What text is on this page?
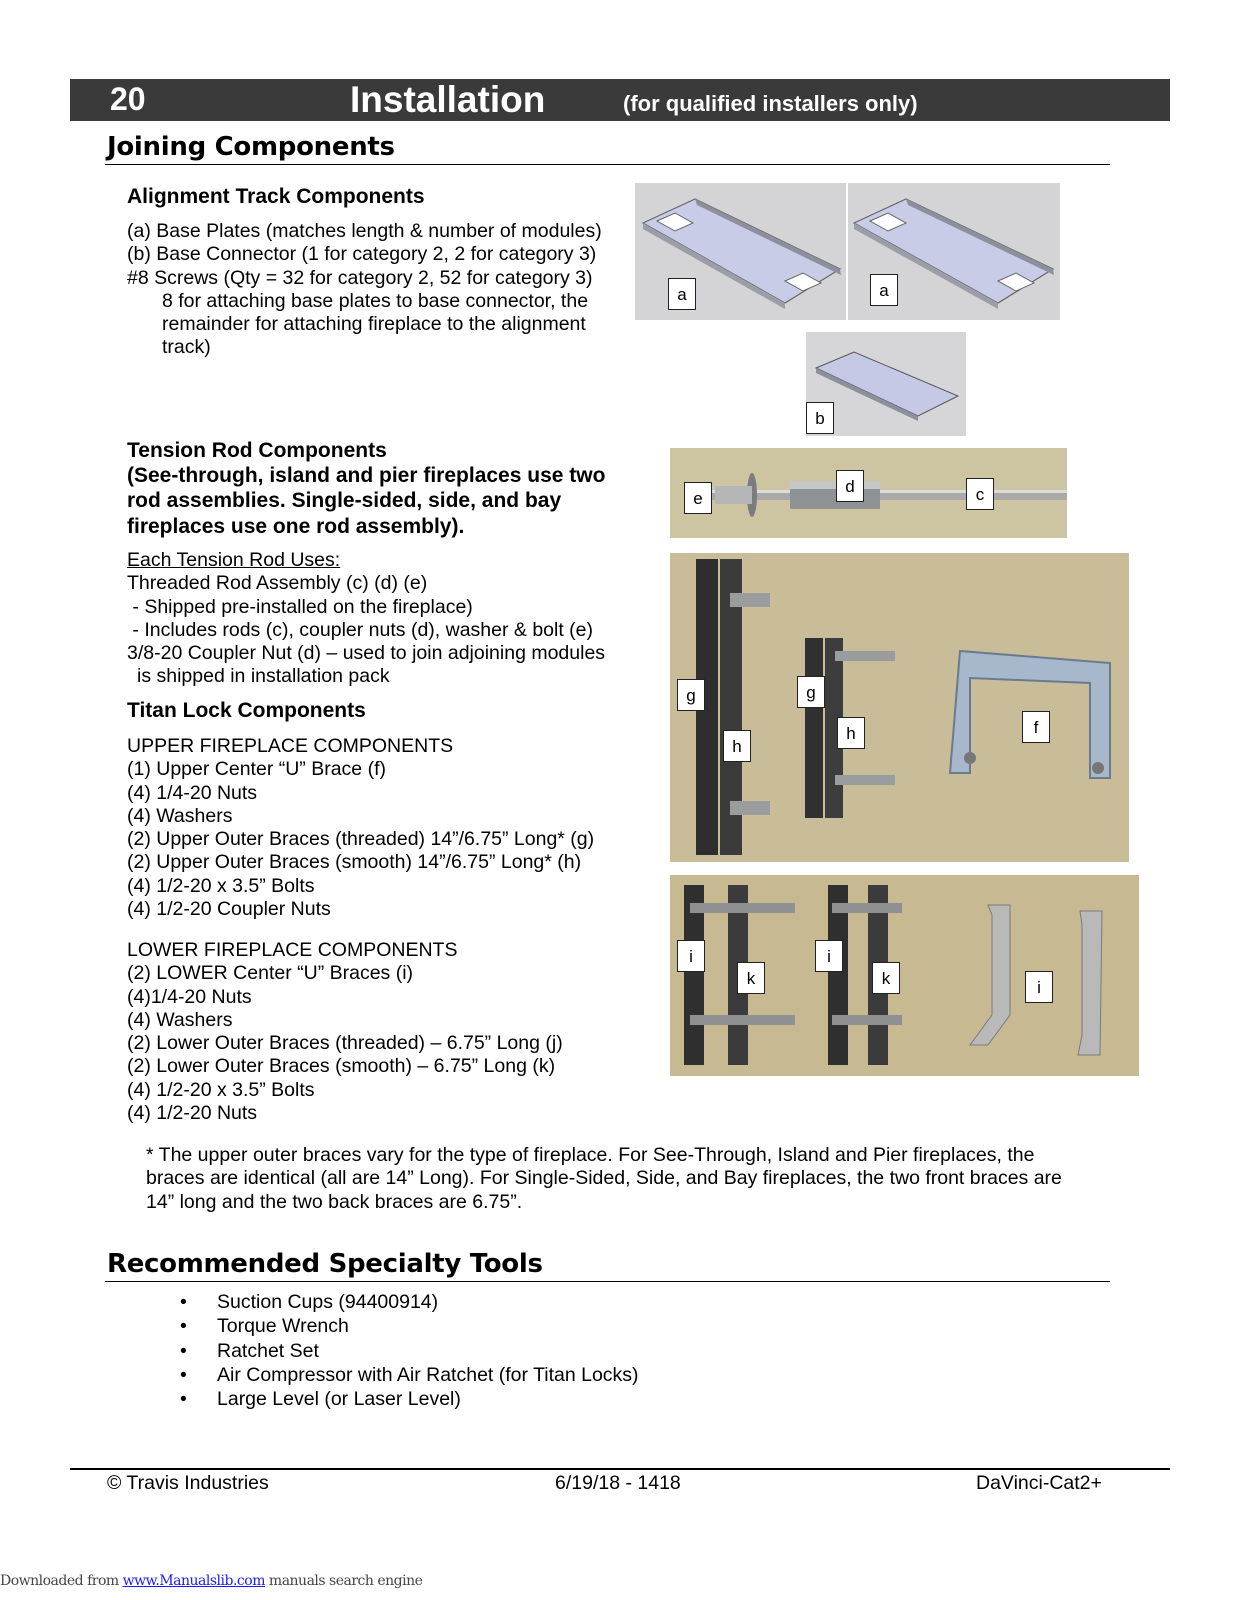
20	Installation	(for qualified installers only)
Joining Components
Alignment Track Components
(a) Base Plates (matches length & number of modules)
(b) Base Connector (1 for category 2, 2 for category 3)
#8 Screws (Qty = 32 for category 2, 52 for category 3)
8 for attaching base plates to base connector, the
remainder for attaching fireplace to the alignment
track)
a	a
b
Tension Rod Components

(See-through, island and pier fireplaces use two rod assemblies. Single-sided, side, and bay fireplaces use one rod assembly).

Each Tension Rod Uses:
Threaded Rod Assembly (c) (d) (e)
- Shipped pre-installed on the fireplace)
- Includes rods (c), coupler nuts (d), washer & bolt (e)
3/8-20 Coupler Nut (d) – used to join adjoining modules
is shipped in installation pack
e
d	c
Titan Lock Components
UPPER FIREPLACE COMPONENTS
(1) Upper Center “U” Brace (f)
(4) 1/4-20 Nuts
(4) Washers
(2) Upper Outer Braces (threaded) 14”/6.75” Long* (g)
(2) Upper Outer Braces (smooth) 14”/6.75” Long* (h)
(4) 1/2-20 x 3.5” Bolts
(4) 1/2-20 Coupler Nuts
LOWER FIREPLACE COMPONENTS
(2) LOWER Center “U” Braces (i)
(4)1/4-20 Nuts
(4) Washers
(2) Lower Outer Braces (threaded) – 6.75” Long (j)
(2) Lower Outer Braces (smooth) – 6.75” Long (k)
(4) 1/2-20 x 3.5” Bolts
(4) 1/2-20 Nuts
g
h
g
h	f
i
k
i
k	i

* The upper outer braces vary for the type of fireplace. For See-Through, Island and Pier fireplaces, the braces are identical (all are 14” Long). For Single-Sided, Side, and Bay fireplaces, the two front braces are 14” long and the two back braces are 6.75”.

Recommended Specialty Tools
• Suction Cups (94400914)
• Torque Wrench
• Ratchet Set
• Air Compressor with Air Ratchet (for Titan Locks)
• Large Level (or Laser Level)
© Travis Industries	6/19/18 - 1418	DaVinci-Cat2+
Downloaded from www.Manualslib.com manuals search engine
